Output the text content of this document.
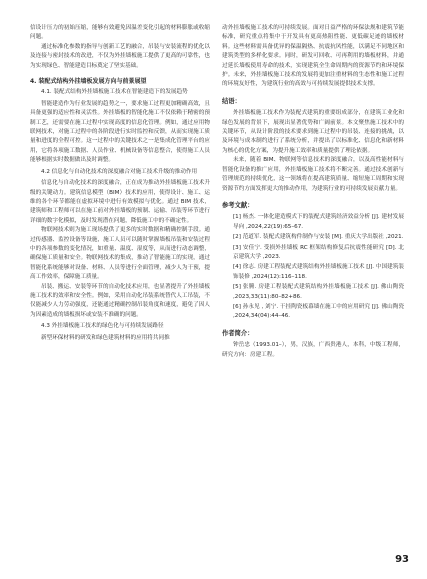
信设计压力的初始压缩，能够有效避免因温差变化引起的材料膨胀或收缩问题。

通过标准化参数的指导与创新工艺的融合，吊装与安装流程的优化以及连接与密封技术的改进，不仅为外挂墙板施工提供了更高的可靠性，也为实现绿色、智能建造目标奠定了坚实基础。

4. 装配式结构外挂墙板发展方向与前景展望
4.1. 装配式结构外挂墙板施工技术在智能建造下的发展趋势

智能建造作为行业发展的趋势之一，要求施工过程更加精确高效，且具备更强的适应性和灵活性。外挂墙板的智能化施工不仅依赖于精密的预制工艺，还需要在施工过程中实现高度的信息化管理。例如，通过应用物联网技术，对施工过程中的各阶段进行实时监控和反馈，从而实现施工质量和进度的全程可控。这一过程中的关键技术之一是集成化管理平台的应用，它将各项施工数据、人员作业、机械设备等信息整合，使得施工人员能够根据实时数据做出及时调整。

4.2 信息化与自动化技术的深度融合对施工技术升级的推动作用

信息化与自动化技术的深度融合，正在成为推动外挂墙板施工技术升级的关键动力。建筑信息模型（BIM）技术的应用，使得设计、施工、运维的各个环节都能在虚拟环境中进行有效模拟与优化。通过 BIM 技术，建筑师和工程师可以在施工前对外挂墙板的预制、运输、吊装等环节进行详细的数字化模拟，及时发现潜在问题，降低施工中的不确定性。

物联网技术则为施工现场提供了更多的实时数据和精确控制手段。通过传感器、监控设备等设施，施工人员可以随时掌握墙板吊装和安装过程中的各项参数的变化情况，如重量、温度、湿度等，从而进行动态调整，确保施工质量和安全。物联网技术的集成，推动了智能施工的实现，通过智能化系统能够对设备、材料、人员等进行全面管理，减少人为干预，提高工作效率，保障施工质量。

吊装、搬运、安装等环节的自动化技术应用，也显著提升了外挂墙板施工技术的效率和安全性。例如，采用自动化吊装系统替代人工吊装，不仅能减少人力劳动强度，还能通过精确控制吊装角度和速度，避免了因人为因素造成的墙板损坏或安装不准确的问题。

4.3 外挂墙板施工技术的绿色化与可持续发展路径

新型环保材料的研发和绿色建筑材料的应用将共同推

动外挂墙板施工技术的可持续发展。面对日益严格的环保法规和建筑节能标准，研究重点将集中于开发具有更高热阻性能、更低碳足迹的墙板材料。这些材料需具备优异的保温隔热、抗震抗风性能，以满足不同地区和建筑类型的多样化要求。同时，研发可回收、可再利用的墙板材料，并通过延长墙板使用寿命的技术，实现建筑全生命周期内的资源节约和环境保护。未来，外挂墙板施工技术的发展将更加注重材料的生态性和施工过程的环境友好性，为建筑行业的高效与可持续发展提供技术支撑。

结语：

外挂墙板施工技术作为装配式建筑的重要组成部分，在建筑工业化和绿色发展的背景下，展现出显著优势和广阔前景。本文聚焦施工技术中的关键环节，从设计阶段的技术要求到施工过程中的吊装、连接的挑战，以及环境与成本制约进行了系统分析，并提出了以标准化、信息化和新材料为核心的优化方案，为提升施工效率和质量提供了理论依据。

未来，随着 BIM、物联网等信息技术的深度融合，以及高性能材料与智能化设备的推广应用，外挂墙板施工技术将不断完善。通过技术创新与管理规范的持续优化，这一领域将在提高建筑质量、缩短施工周期和实现资源节约方面发挥更大的推动作用，为建筑行业的可持续发展贡献力量。

参考文献：

[1] 杨杰. 一体化建造模式下的装配式建筑经济效益分析 [J]. 建材发展导向 ,2024,22(19):65–67.

[2] 范道军. 装配式建筑构件制作与安装 [M]. 重庆大学出版社 ,2021.

[3] 安佳宁. 受损外挂墙板 RC 框架结构修复后抗震性能研究 [D]. 北京建筑大学 ,2023.

[4] 徐志. 房建工程装配式建筑结构外挂墙板施工技术 [J]. 中国建筑装饰装修 ,2024(12):116–118.

[5] 张腾. 房建工程装配式建筑结构外挂墙板施工技术 [J]. 佛山陶瓷 ,2023,33(11):80–82+86.

[6] 孙永见 , 刘宁. 干挂陶瓷板幕墙在施工中的应用研究 [J]. 佛山陶瓷 ,2024,34(04):44–46.

作者简介：

钟岳忠（1993.01–），男，汉族，广西贵港人，本科，中级工程师，研究方向：房建工程。

93
